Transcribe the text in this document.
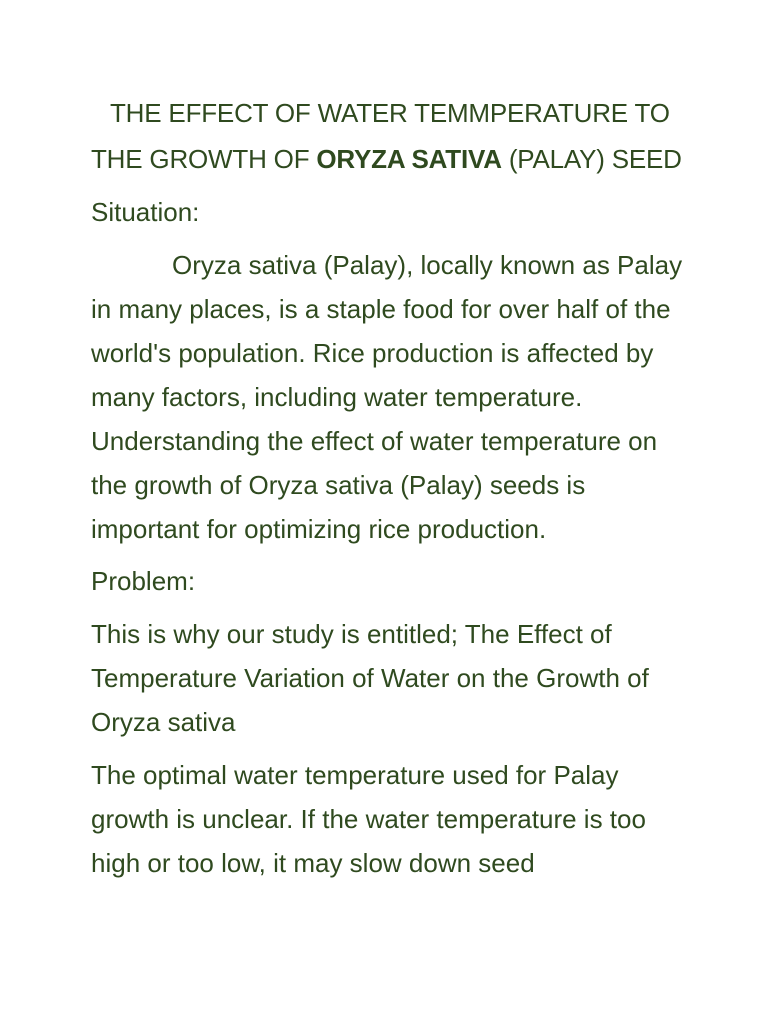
THE EFFECT OF WATER TEMMPERATURE TO
THE GROWTH OF ORYZA SATIVA (PALAY) SEED

Situation:

Oryza sativa (Palay), locally known as Palay in many places, is a staple food for over half of the world's population. Rice production is affected by many factors, including water temperature. Understanding the effect of water temperature on the growth of Oryza sativa (Palay) seeds is important for optimizing rice production.

Problem:

This is why our study is entitled; The Effect of Temperature Variation of Water on the Growth of Oryza sativa

The optimal water temperature used for Palay growth is unclear. If the water temperature is too high or too low, it may slow down seed
